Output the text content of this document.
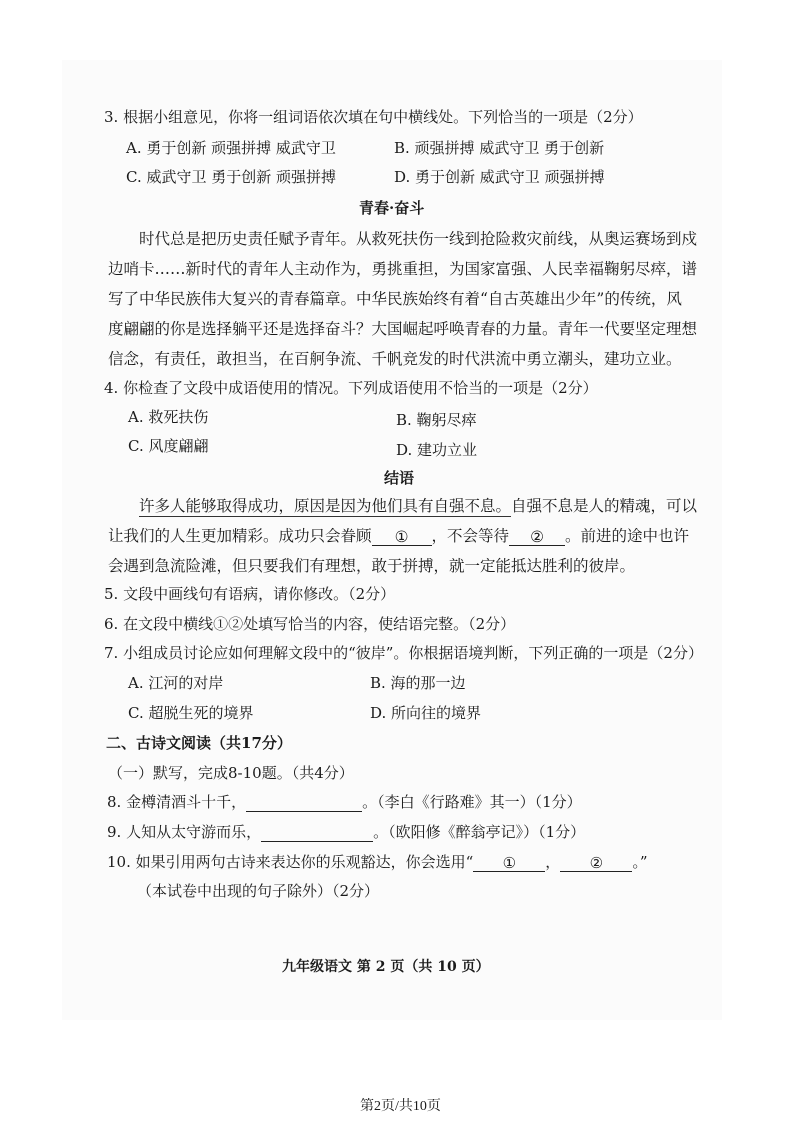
3. 根据小组意见，你将一组词语依次填在句中横线处。下列恰当的一项是（2分）
A. 勇于创新 顽强拼搏 威武守卫	B. 顽强拼搏 威武守卫 勇于创新
C. 威武守卫 勇于创新 顽强拼搏	D. 勇于创新 威武守卫 顽强拼搏
青春·奋斗
时代总是把历史责任赋予青年。从救死扶伤一线到抢险救灾前线，从奥运赛场到戍
边哨卡……新时代的青年人主动作为，勇挑重担，为国家富强、人民幸福鞠躬尽瘁，谱
写了中华民族伟大复兴的青春篇章。中华民族始终有着“自古英雄出少年”的传统，风
度翩翩的你是选择躺平还是选择奋斗？大国崛起呼唤青春的力量。青年一代要坚定理想
信念，有责任，敢担当，在百舸争流、千帆竞发的时代洪流中勇立潮头，建功立业。
4. 你检查了文段中成语使用的情况。下列成语使用不恰当的一项是（2分）
A. 救死扶伤	B. 鞠躬尽瘁
C. 风度翩翩	D. 建功立业
结语
许多人能够取得成功，原因是因为他们具有自强不息。自强不息是人的精魂，可以
让我们的人生更加精彩。成功只会眷顾 ① ，不会等待 ② 。前进的途中也许
会遇到急流险滩，但只要我们有理想，敢于拼搏，就一定能抵达胜利的彼岸。
5. 文段中画线句有语病，请你修改。（2分）
6. 在文段中横线①②处填写恰当的内容，使结语完整。（2分）
7. 小组成员讨论应如何理解文段中的“彼岸”。你根据语境判断，下列正确的一项是（2分）
A. 江河的对岸	B. 海的那一边
C. 超脱生死的境界	D. 所向往的境界
二、古诗文阅读（共17分）
（一）默写，完成8-10题。（共4分）
8. 金樽清酒斗十千，	。（李白《行路难》其一）（1分）
9. 人知从太守游而乐，	。（欧阳修《醉翁亭记》）（1分）
10. 如果引用两句古诗来表达你的乐观豁达，你会选用“ ① ， ② 。”
（本试卷中出现的句子除外）（2分）
九年级语文 第 2 页（共 10 页）
第2页/共10页
